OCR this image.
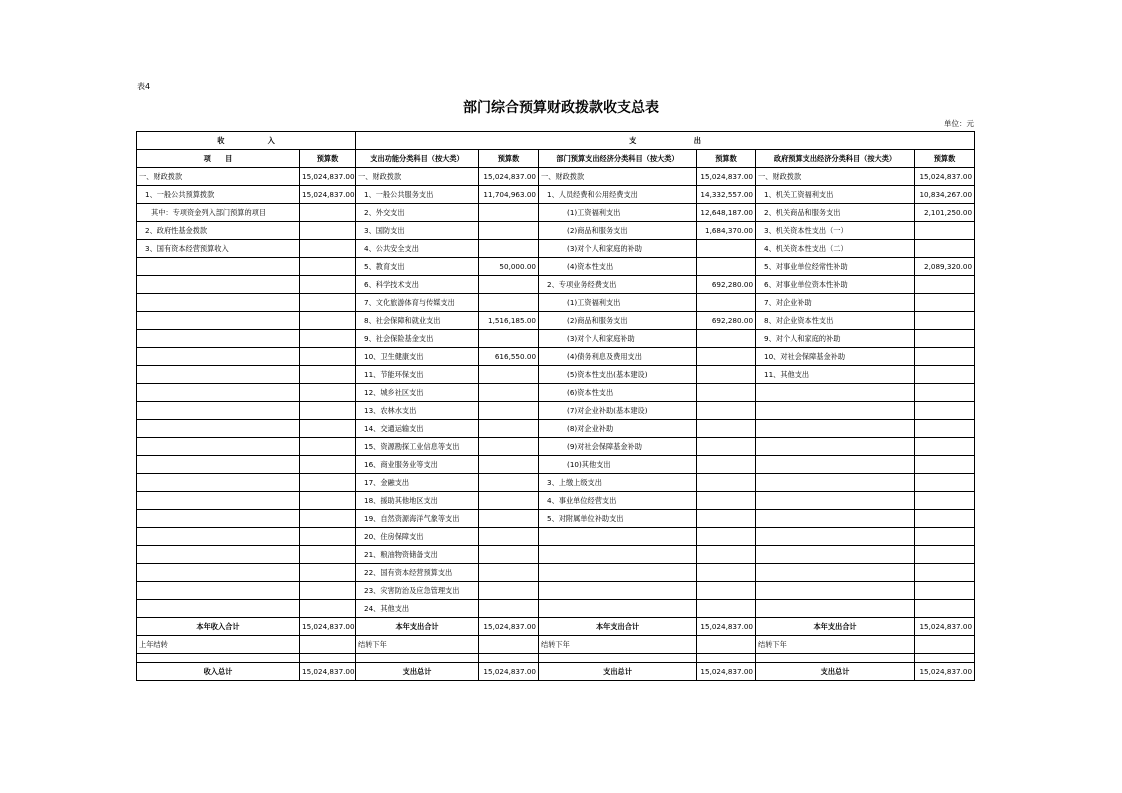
表4
部门综合预算财政拨款收支总表
单位：元
收　　　　　　入		支　　　　　　　　出					
项　　目	预算数	支出功能分类科目（按大类）	预算数	部门预算支出经济分类科目（按大类）	预算数	政府预算支出经济分类科目（按大类）	预算数
一、财政拨款	15,024,837.00	一、财政拨款	15,024,837.00	一、财政拨款	15,024,837.00	一、财政拨款	15,024,837.00
1、一般公共预算拨款	15,024,837.00	1、一般公共服务支出	11,704,963.00	1、人员经费和公用经费支出	14,332,557.00	1、机关工资福利支出	10,834,267.00
其中：专项资金列入部门预算的项目		2、外交支出		(1)工资福利支出	12,648,187.00	2、机关商品和服务支出	2,101,250.00
2、政府性基金拨款		3、国防支出		(2)商品和服务支出	1,684,370.00	3、机关资本性支出（一）	
3、国有资本经营预算收入		4、公共安全支出		(3)对个人和家庭的补助		4、机关资本性支出（二）	
		5、教育支出	50,000.00	(4)资本性支出		5、对事业单位经常性补助	2,089,320.00
		6、科学技术支出		2、专项业务经费支出	692,280.00	6、对事业单位资本性补助	
		7、文化旅游体育与传媒支出		(1)工资福利支出		7、对企业补助	
		8、社会保障和就业支出	1,516,185.00	(2)商品和服务支出	692,280.00	8、对企业资本性支出	
		9、社会保险基金支出		(3)对个人和家庭补助		9、对个人和家庭的补助	
		10、卫生健康支出	616,550.00	(4)债务利息及费用支出		10、对社会保障基金补助	
		11、节能环保支出		(5)资本性支出(基本建设)		11、其他支出	
		12、城乡社区支出		(6)资本性支出			
		13、农林水支出		(7)对企业补助(基本建设)			
		14、交通运输支出		(8)对企业补助			
		15、资源勘探工业信息等支出		(9)对社会保障基金补助			
		16、商业服务业等支出		(10)其他支出			
		17、金融支出		3、上缴上级支出			
		18、援助其他地区支出		4、事业单位经营支出			
		19、自然资源海洋气象等支出		5、对附属单位补助支出			
		20、住房保障支出					
		21、粮油物资储备支出					
		22、国有资本经营预算支出					
		23、灾害防治及应急管理支出					
		24、其他支出					
本年收入合计	15,024,837.00	本年支出合计	15,024,837.00	本年支出合计	15,024,837.00	本年支出合计	15,024,837.00
上年结转		结转下年		结转下年		结转下年	

收入总计	15,024,837.00	支出总计	15,024,837.00	支出总计	15,024,837.00	支出总计	15,024,837.00
